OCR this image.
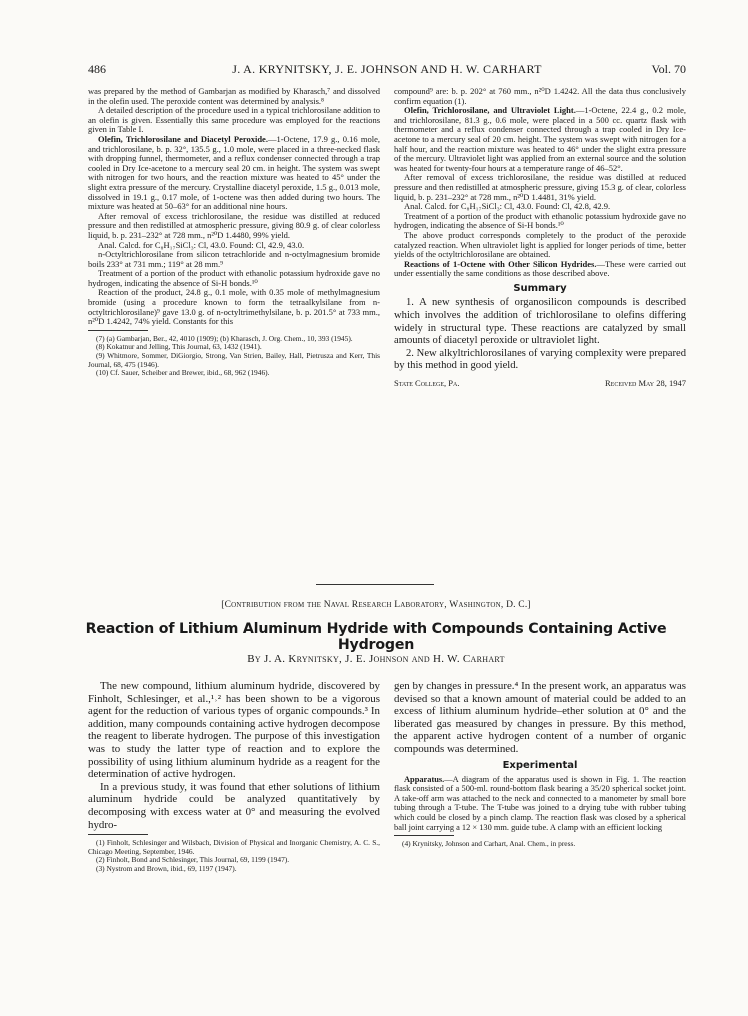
486	J. A. KRYNITSKY, J. E. JOHNSON AND H. W. CARHART	Vol. 70

was prepared by the method of Gambarjan as modified by Kharasch,⁷ and dissolved in the olefin used. The peroxide content was determined by analysis.⁸

A detailed description of the procedure used in a typical trichlorosilane addition to an olefin is given. Essentially this same procedure was employed for the reactions given in Table I.

Olefin, Trichlorosilane and Diacetyl Peroxide.—1-Octene, 17.9 g., 0.16 mole, and trichlorosilane, b. p. 32°, 135.5 g., 1.0 mole, were placed in a three-necked flask with dropping funnel, thermometer, and a reflux condenser connected through a trap cooled in Dry Ice-acetone to a mercury seal 20 cm. in height. The system was swept with nitrogen for two hours, and the reaction mixture was heated to 45° under the slight extra pressure of the mercury. Crystalline diacetyl peroxide, 1.5 g., 0.013 mole, dissolved in 19.1 g., 0.17 mole, of 1-octene was then added during two hours. The mixture was heated at 50–63° for an additional nine hours.

After removal of excess trichlorosilane, the residue was distilled at reduced pressure and then redistilled at atmospheric pressure, giving 80.9 g. of clear colorless liquid, b. p. 231–232° at 728 mm., n²⁰D 1.4480, 99% yield.

Anal. Calcd. for C₈H₁₇SiCl₃: Cl, 43.0. Found: Cl, 42.9, 43.0.

n-Octyltrichlorosilane from silicon tetrachloride and n-octylmagnesium bromide boils 233° at 731 mm.; 119° at 28 mm.⁹

Treatment of a portion of the product with ethanolic potassium hydroxide gave no hydrogen, indicating the absence of Si-H bonds.¹⁰

Reaction of the product, 24.8 g., 0.1 mole, with 0.35 mole of methylmagnesium bromide (using a procedure known to form the tetraalkylsilane from n-octyltrichlorosilane)⁹ gave 13.0 g. of n-octyltrimethylsilane, b. p. 201.5° at 733 mm., n²⁰D 1.4242, 74% yield. Constants for this

(7) (a) Gambarjan, Ber., 42, 4010 (1909); (b) Kharasch, J. Org. Chem., 10, 393 (1945).

(8) Kokatnur and Jelling, This Journal, 63, 1432 (1941).

(9) Whitmore, Sommer, DiGiorgio, Strong, Van Strien, Bailey, Hall, Pietrusza and Kerr, This Journal, 68, 475 (1946).

(10) Cf. Sauer, Scheiber and Brewer, ibid., 68, 962 (1946).

compound⁹ are: b. p. 202° at 760 mm., n²⁰D 1.4242. All the data thus conclusively confirm equation (1).

Olefin, Trichlorosilane, and Ultraviolet Light.—1-Octene, 22.4 g., 0.2 mole, and trichlorosilane, 81.3 g., 0.6 mole, were placed in a 500 cc. quartz flask with thermometer and a reflux condenser connected through a trap cooled in Dry Ice-acetone to a mercury seal of 20 cm. height. The system was swept with nitrogen for a half hour, and the reaction mixture was heated to 46° under the slight extra pressure of the mercury. Ultraviolet light was applied from an external source and the solution was heated for twenty-four hours at a temperature range of 46–52°.

After removal of excess trichlorosilane, the residue was distilled at reduced pressure and then redistilled at atmospheric pressure, giving 15.3 g. of clear, colorless liquid, b. p. 231–232° at 728 mm., n²⁰D 1.4481, 31% yield.

Anal. Calcd. for C₈H₁₇SiCl₃: Cl, 43.0. Found: Cl, 42.8, 42.9.

Treatment of a portion of the product with ethanolic potassium hydroxide gave no hydrogen, indicating the absence of Si-H bonds.¹⁰

The above product corresponds completely to the product of the peroxide catalyzed reaction. When ultraviolet light is applied for longer periods of time, better yields of the octyltrichlorosilane are obtained.

Reactions of 1-Octene with Other Silicon Hydrides.—These were carried out under essentially the same conditions as those described above.

Summary

1. A new synthesis of organosilicon compounds is described which involves the addition of trichlorosilane to olefins differing widely in structural type. These reactions are catalyzed by small amounts of diacetyl peroxide or ultraviolet light.

2. New alkyltrichlorosilanes of varying complexity were prepared by this method in good yield.

State College, Pa.	Received May 28, 1947
[Contribution from the Naval Research Laboratory, Washington, D. C.]
Reaction of Lithium Aluminum Hydride with Compounds Containing Active Hydrogen
By J. A. Krynitsky, J. E. Johnson and H. W. Carhart

The new compound, lithium aluminum hydride, discovered by Finholt, Schlesinger, et al.,¹˒² has been shown to be a vigorous agent for the reduction of various types of organic compounds.³ In addition, many compounds containing active hydrogen decompose the reagent to liberate hydrogen. The purpose of this investigation was to study the latter type of reaction and to explore the possibility of using lithium aluminum hydride as a reagent for the determination of active hydrogen.

In a previous study, it was found that ether solutions of lithium aluminum hydride could be analyzed quantitatively by decomposing with excess water at 0° and measuring the evolved hydro-

(1) Finholt, Schlesinger and Wilsbach, Division of Physical and Inorganic Chemistry, A. C. S., Chicago Meeting, September, 1946.

(2) Finholt, Bond and Schlesinger, This Journal, 69, 1199 (1947).

(3) Nystrom and Brown, ibid., 69, 1197 (1947).

gen by changes in pressure.⁴ In the present work, an apparatus was devised so that a known amount of material could be added to an excess of lithium aluminum hydride–ether solution at 0° and the liberated gas measured by changes in pressure. By this method, the apparent active hydrogen content of a number of organic compounds was determined.

Experimental

Apparatus.—A diagram of the apparatus used is shown in Fig. 1. The reaction flask consisted of a 500-ml. round-bottom flask bearing a 35/20 spherical socket joint. A take-off arm was attached to the neck and connected to a manometer by small bore tubing through a T-tube. The T-tube was joined to a drying tube with rubber tubing which could be closed by a pinch clamp. The reaction flask was closed by a spherical ball joint carrying a 12 × 130 mm. guide tube. A clamp with an efficient locking

(4) Krynitsky, Johnson and Carhart, Anal. Chem., in press.
